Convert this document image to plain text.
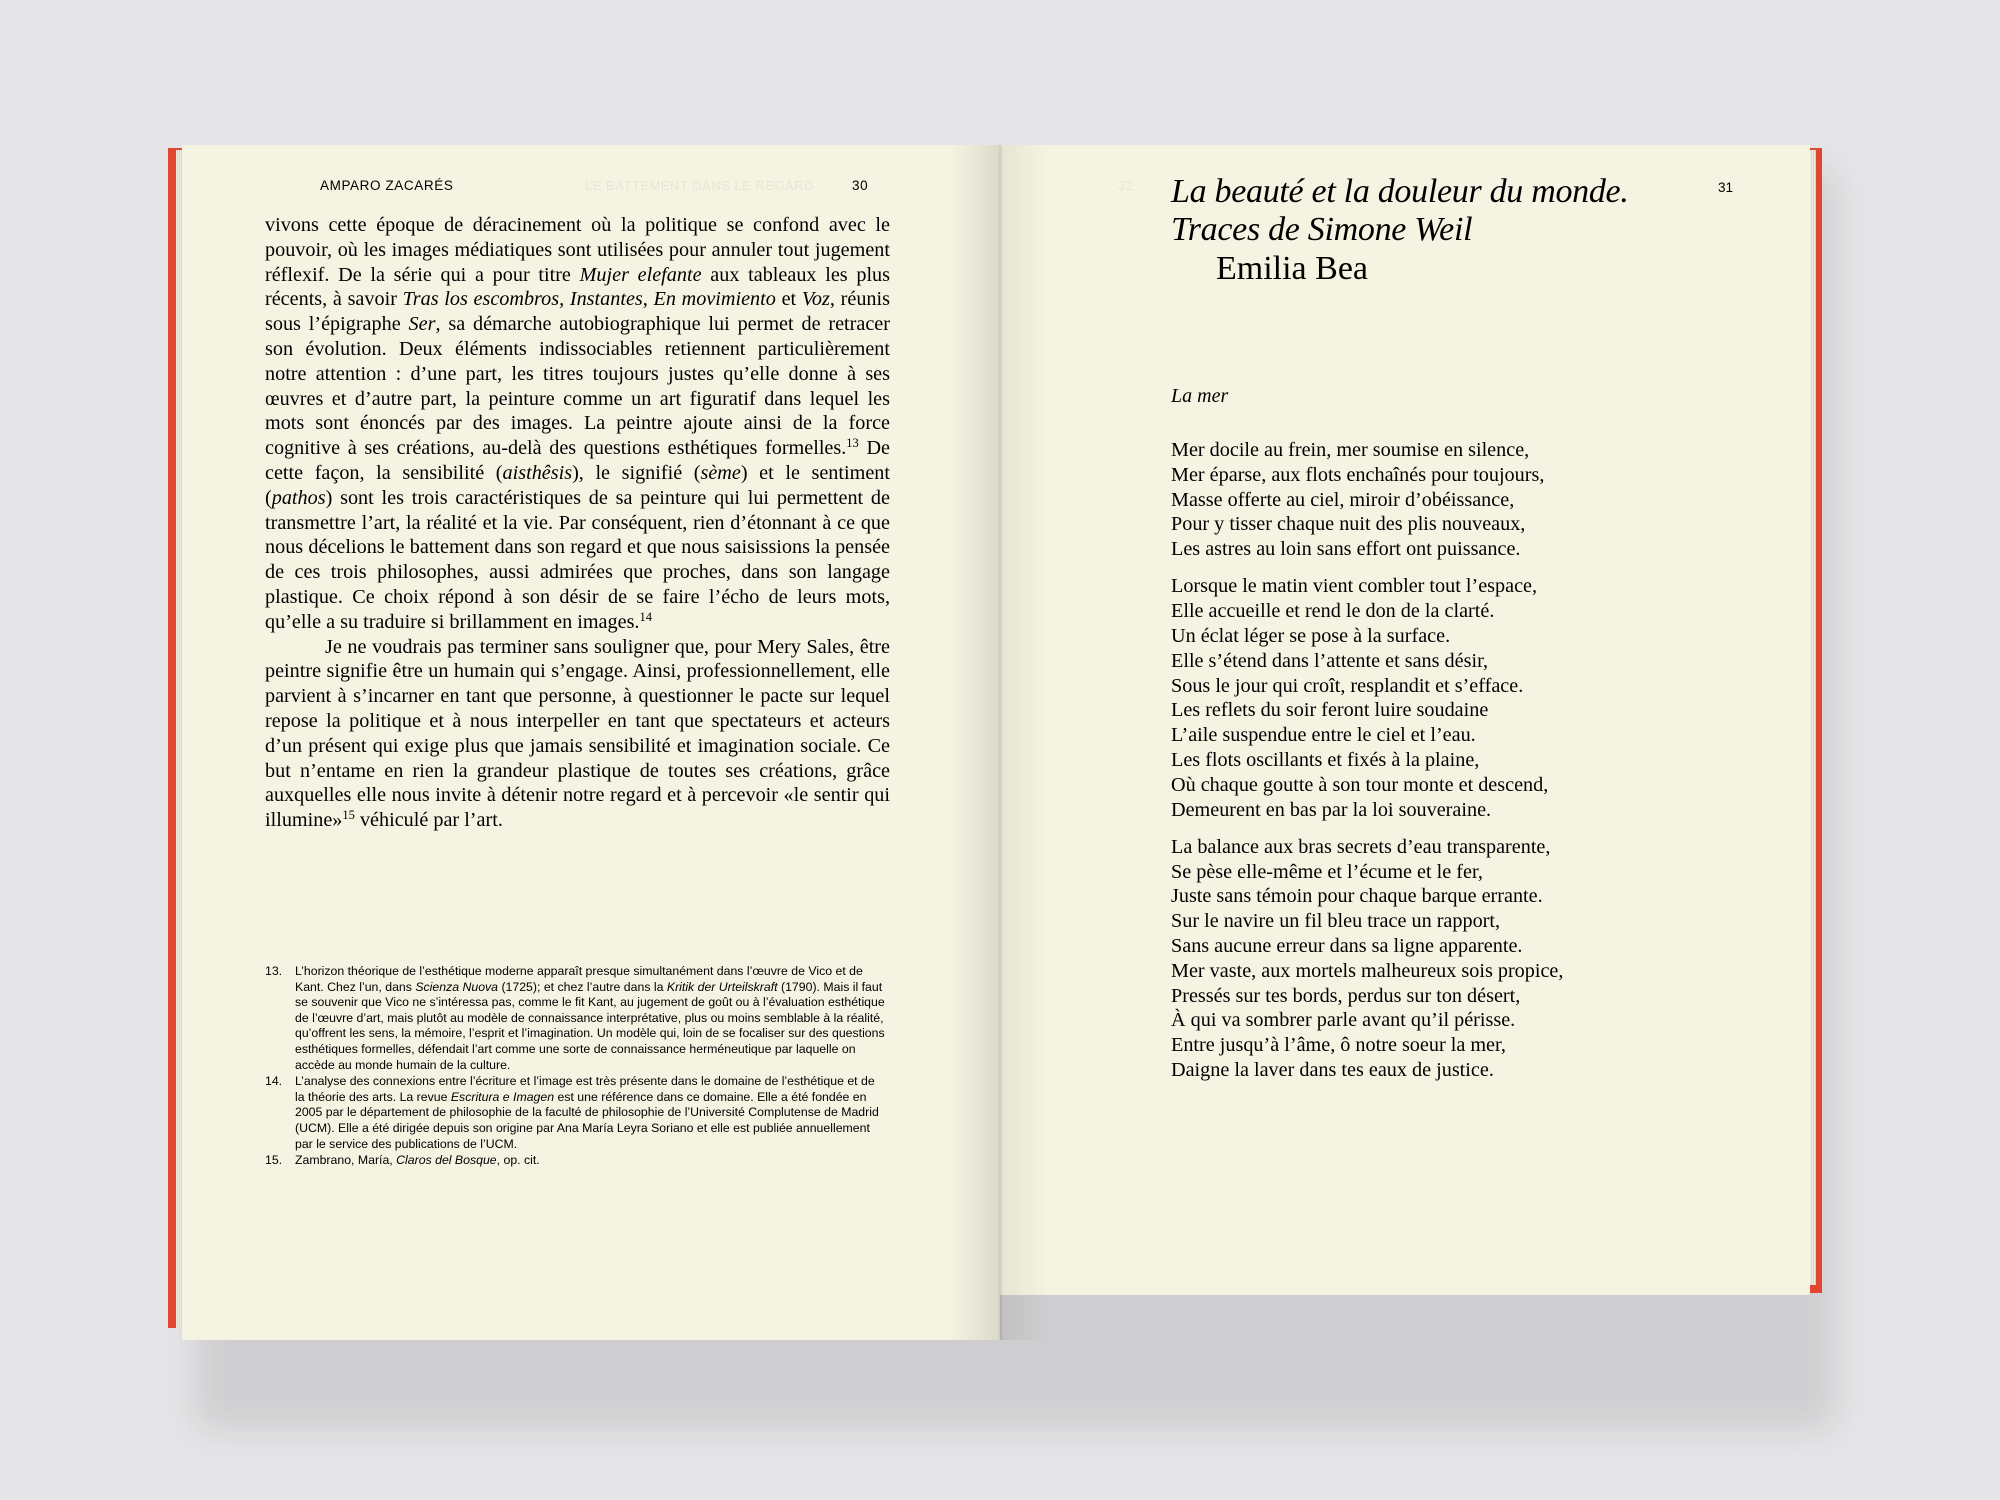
LE BATTEMENT DANS LE REGARD
AMPARO ZACARÉS	30

vivons cette époque de déracinement où la politique se confond avec le pouvoir, où les images médiatiques sont utilisées pour annuler tout jugement réflexif. De la série qui a pour titre Mujer elefante aux tableaux les plus récents, à savoir Tras los escombros, Instantes, En movimiento et Voz, réunis sous l’épigraphe Ser, sa démarche autobiographique lui permet de retracer son évolution. Deux éléments indissociables retiennent particulièrement notre attention : d’une part, les titres toujours justes qu’elle donne à ses œuvres et d’autre part, la peinture comme un art figuratif dans lequel les mots sont énoncés par des images. La peintre ajoute ainsi de la force cognitive à ses créations, au-delà des questions esthétiques formelles.$^{13}$ De cette façon, la sensibilité (aisthêsis), le signifié (sème) et le sentiment (pathos) sont les trois caractéristiques de sa peinture qui lui permettent de transmettre l’art, la réalité et la vie. Par conséquent, rien d’étonnant à ce que nous décelions le battement dans son regard et que nous saisissions la pensée de ces trois philosophes, aussi admirées que proches, dans son langage plastique. Ce choix répond à son désir de se faire l’écho de leurs mots, qu’elle a su traduire si brillamment en images.$^{14}$

Je ne voudrais pas terminer sans souligner que, pour Mery Sales, être peintre signifie être un humain qui s’engage. Ainsi, professionnellement, elle parvient à s’incarner en tant que personne, à questionner le pacte sur lequel repose la politique et à nous interpeller en tant que spectateurs et acteurs d’un présent qui exige plus que jamais sensibilité et imagination sociale. Ce but n’entame en rien la grandeur plastique de toutes ses créations, grâce auxquelles elle nous invite à détenir notre regard et à percevoir «le sentir qui illumine»$^{15}$ véhiculé par l’art.

13.	L’horizon théorique de l’esthétique moderne apparaît presque simultanément dans l’œuvre de Vico et de Kant. Chez l’un, dans Scienza Nuova (1725); et chez l’autre dans la Kritik der Urteilskraft (1790). Mais il faut se souvenir que Vico ne s’intéressa pas, comme le fit Kant, au jugement de goût ou à l’évaluation esthétique de l’œuvre d’art, mais plutôt au modèle de connaissance interprétative, plus ou moins semblable à la réalité, qu’offrent les sens, la mémoire, l’esprit et l’imagination. Un modèle qui, loin de se focaliser sur des questions esthétiques formelles, défendait l’art comme une sorte de connaissance herméneutique par laquelle on accède au monde humain de la culture.
14.	L’analyse des connexions entre l’écriture et l’image est très présente dans le domaine de l’esthétique et de la théorie des arts. La revue Escritura e Imagen est une référence dans ce domaine. Elle a été fondée en 2005 par le département de philosophie de la faculté de philosophie de l’Université Complutense de Madrid (UCM). Elle a été dirigée depuis son origine par Ana María Leyra Soriano et elle est publiée annuellement par le service des publications de l’UCM.
15.	Zambrano, María, Claros del Bosque, op. cit.
32	31
La beauté et la douleur du monde.
Traces de Simone Weil
Emilia Bea
La mer
Mer docile au frein, mer soumise en silence,
Mer éparse, aux flots enchaînés pour toujours,
Masse offerte au ciel, miroir d’obéissance,
Pour y tisser chaque nuit des plis nouveaux,
Les astres au loin sans effort ont puissance.
Lorsque le matin vient combler tout l’espace,
Elle accueille et rend le don de la clarté.
Un éclat léger se pose à la surface.
Elle s’étend dans l’attente et sans désir,
Sous le jour qui croît, resplandit et s’efface.
Les reflets du soir feront luire soudaine
L’aile suspendue entre le ciel et l’eau.
Les flots oscillants et fixés à la plaine,
Où chaque goutte à son tour monte et descend,
Demeurent en bas par la loi souveraine.
La balance aux bras secrets d’eau transparente,
Se pèse elle-même et l’écume et le fer,
Juste sans témoin pour chaque barque errante.
Sur le navire un fil bleu trace un rapport,
Sans aucune erreur dans sa ligne apparente.
Mer vaste, aux mortels malheureux sois propice,
Pressés sur tes bords, perdus sur ton désert,
À qui va sombrer parle avant qu’il périsse.
Entre jusqu’à l’âme, ô notre soeur la mer,
Daigne la laver dans tes eaux de justice.
